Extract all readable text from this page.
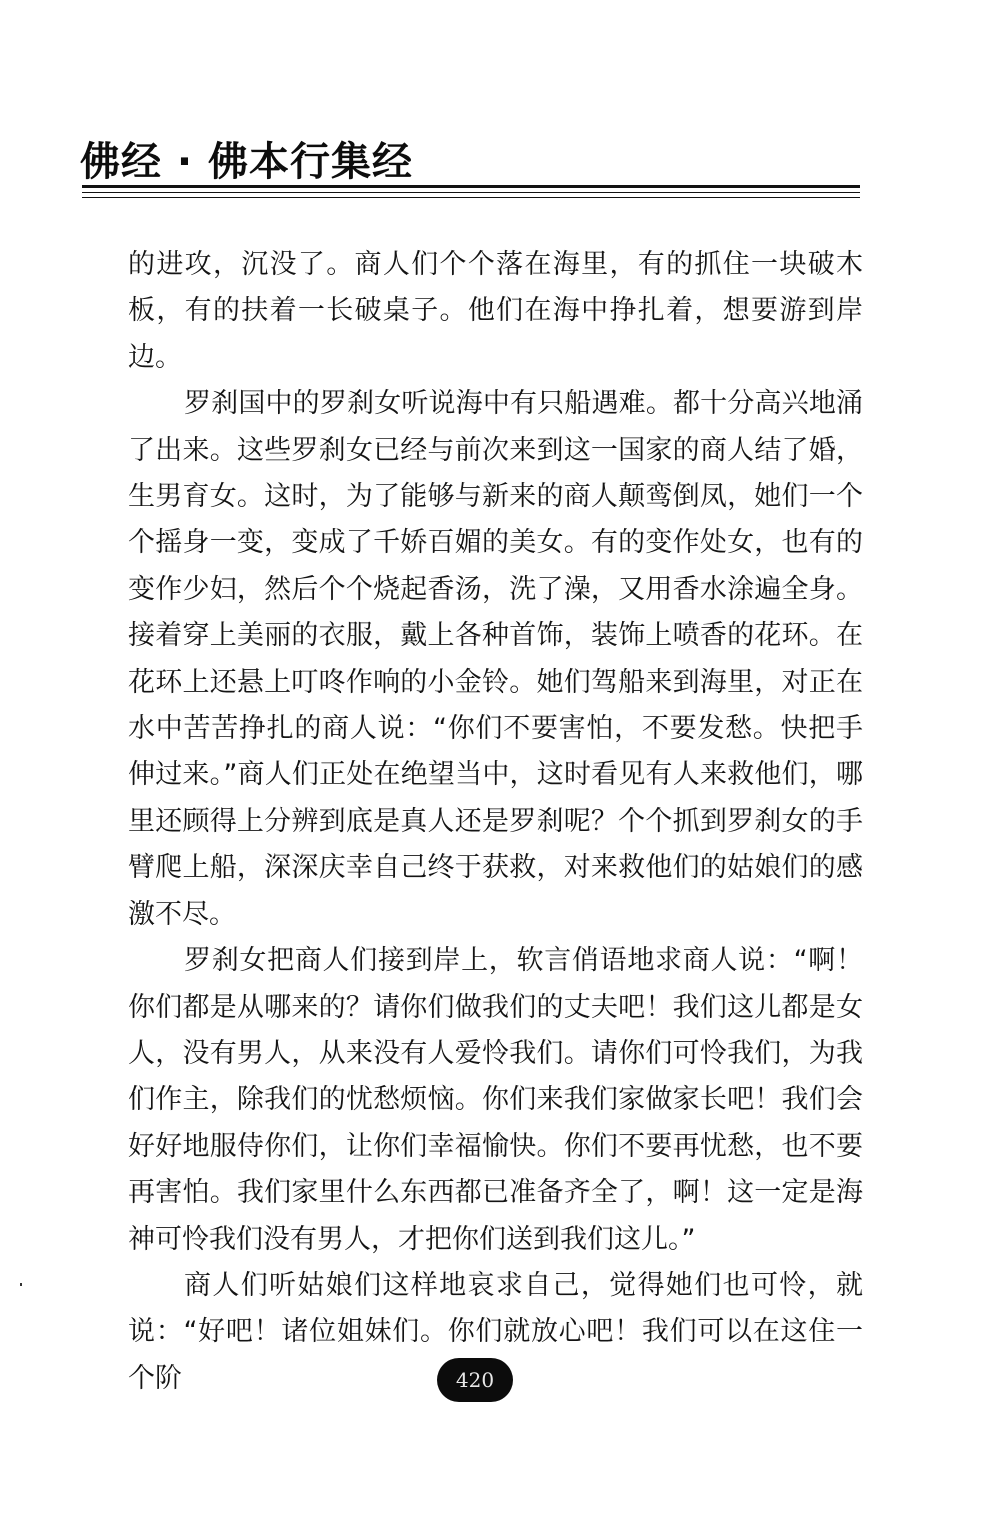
佛经 · 佛本行集经

的进攻，沉没了。商人们个个落在海里，有的抓住一块破木板，有的扶着一长破桌子。他们在海中挣扎着，想要游到岸边。

罗刹国中的罗刹女听说海中有只船遇难。都十分高兴地涌了出来。这些罗刹女已经与前次来到这一国家的商人结了婚，生男育女。这时，为了能够与新来的商人颠鸾倒凤，她们一个个摇身一变，变成了千娇百媚的美女。有的变作处女，也有的变作少妇，然后个个烧起香汤，洗了澡，又用香水涂遍全身。接着穿上美丽的衣服，戴上各种首饰，装饰上喷香的花环。在花环上还悬上叮咚作响的小金铃。她们驾船来到海里，对正在水中苦苦挣扎的商人说：“你们不要害怕，不要发愁。快把手伸过来。”商人们正处在绝望当中，这时看见有人来救他们，哪里还顾得上分辨到底是真人还是罗刹呢？个个抓到罗刹女的手臂爬上船，深深庆幸自己终于获救，对来救他们的姑娘们的感激不尽。

罗刹女把商人们接到岸上，软言俏语地求商人说：“啊！你们都是从哪来的？请你们做我们的丈夫吧！我们这儿都是女人，没有男人，从来没有人爱怜我们。请你们可怜我们，为我们作主，除我们的忧愁烦恼。你们来我们家做家长吧！我们会好好地服侍你们，让你们幸福愉快。你们不要再忧愁，也不要再害怕。我们家里什么东西都已准备齐全了，啊！这一定是海神可怜我们没有男人，才把你们送到我们这儿。”

商人们听姑娘们这样地哀求自己，觉得她们也可怜，就说：“好吧！诸位姐妹们。你们就放心吧！我们可以在这住一个阶	420
